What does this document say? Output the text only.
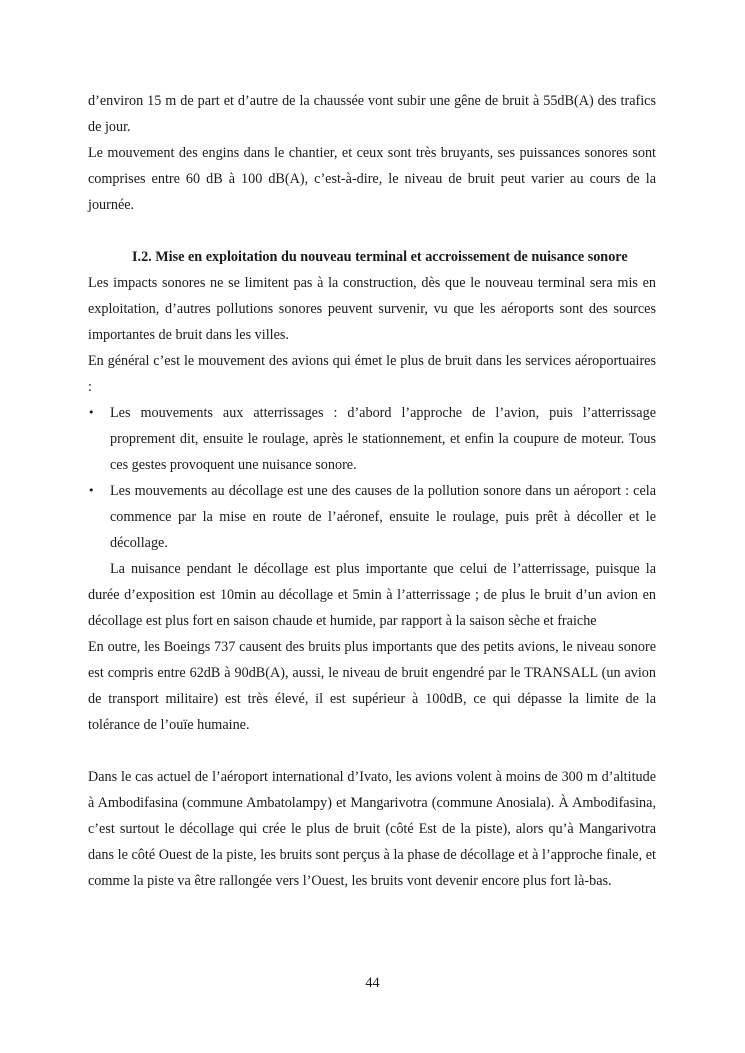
d’environ 15 m de part et d’autre de la chaussée vont subir une gêne de bruit à 55dB(A) des trafics de jour.

Le mouvement des engins dans le chantier, et ceux sont très bruyants, ses puissances sonores sont comprises entre 60 dB à 100 dB(A), c’est-à-dire, le niveau de bruit peut varier au cours de la journée.

I.2. Mise en exploitation du nouveau terminal et accroissement de nuisance sonore

Les impacts sonores ne se limitent pas à la construction, dès que le nouveau terminal sera mis en exploitation, d’autres pollutions sonores peuvent survenir, vu que les aéroports sont des sources importantes de bruit dans les villes.

En général c’est le mouvement des avions qui émet le plus de bruit dans les services aéroportuaires :

• Les mouvements aux atterrissages : d’abord l’approche de l’avion, puis l’atterrissage proprement dit, ensuite le roulage, après le stationnement, et enfin la coupure de moteur. Tous ces gestes provoquent une nuisance sonore.
• Les mouvements au décollage est une des causes de la pollution sonore dans un aéroport : cela commence par la mise en route de l’aéronef, ensuite le roulage, puis prêt à décoller et le décollage.

La nuisance pendant le décollage est plus importante que celui de l’atterrissage, puisque la durée d’exposition est 10min au décollage et 5min à l’atterrissage ; de plus le bruit d’un avion en décollage est plus fort en saison chaude et humide, par rapport à la saison sèche et fraiche

En outre, les Boeings 737 causent des bruits plus importants que des petits avions, le niveau sonore est compris entre 62dB à 90dB(A), aussi, le niveau de bruit engendré par le TRANSALL (un avion de transport militaire) est très élevé, il est supérieur à 100dB, ce qui dépasse la limite de la tolérance de l’ouïe humaine.

Dans le cas actuel de l’aéroport international d’Ivato, les avions volent à moins de 300 m d’altitude à Ambodifasina (commune Ambatolampy) et Mangarivotra (commune Anosiala). À Ambodifasina, c’est surtout le décollage qui crée le plus de bruit (côté Est de la piste), alors qu’à Mangarivotra dans le côté Ouest de la piste, les bruits sont perçus à la phase de décollage et à l’approche finale, et comme la piste va être rallongée vers l’Ouest, les bruits vont devenir encore plus fort là-bas.

44
